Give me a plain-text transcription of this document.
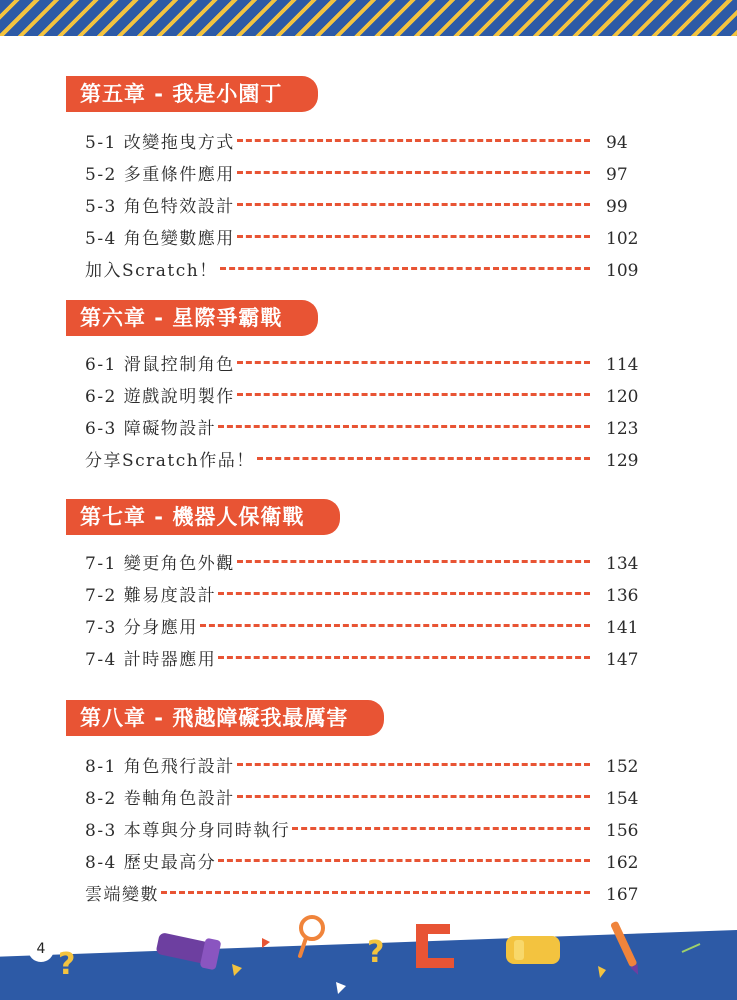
第五章 - 我是小園丁
5-1 改變拖曳方式	94
5-2 多重條件應用	97
5-3 角色特效設計	99
5-4 角色變數應用	102
加入Scratch！	109
第六章 - 星際爭霸戰
6-1 滑鼠控制角色	114
6-2 遊戲說明製作	120
6-3 障礙物設計	123
分享Scratch作品！	129
第七章 - 機器人保衛戰
7-1 變更角色外觀	134
7-2 難易度設計	136
7-3 分身應用	141
7-4 計時器應用	147
第八章 - 飛越障礙我最厲害
8-1 角色飛行設計	152
8-2 卷軸角色設計	154
8-3 本尊與分身同時執行	156
8-4 歷史最高分	162
雲端變數	167
?	?
4
